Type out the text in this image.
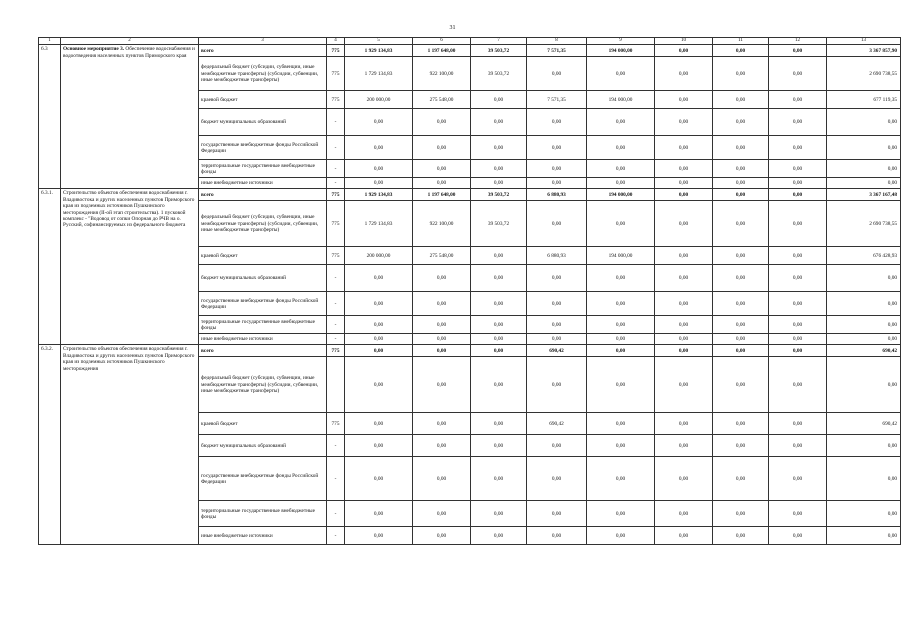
31
1	2	3	4	5	6	7	8	9	10	11	12	13
6.3	Основное мероприятие 3. Обеспечение водоснабжения и водоотведения населенных пунктов Приморского края	всего	775	1 929 134,83	1 197 648,00	39 503,72	7 571,35	194 000,00	0,00	0,00	0,00	3 367 857,90
		федеральный бюджет (субсидии, субвенции, иные межбюджетные трансферты) (субсидии, субвенции, иные межбюджетные трансферты)	775	1 729 134,83	922 100,00	39 503,72	0,00	0,00	0,00	0,00	0,00	2 690 738,55
		краевой бюджет	775	200 000,00	275 548,00	0,00	7 571,35	194 000,00	0,00	0,00	0,00	677 119,35
		бюджет муниципальных образований	-	0,00	0,00	0,00	0,00	0,00	0,00	0,00	0,00	0,00
		государственные внебюджетные фонды Российской Федерации	-	0,00	0,00	0,00	0,00	0,00	0,00	0,00	0,00	0,00
		территориальные государственные внебюджетные фонды	-	0,00	0,00	0,00	0,00	0,00	0,00	0,00	0,00	0,00
		иные внебюджетные источники	-	0,00	0,00	0,00	0,00	0,00	0,00	0,00	0,00	0,00
6.3.1.	Строительство объектов обеспечения водоснабжения г. Владивостока и других населенных пунктов Приморского края из подземных источников Пушкинского месторождения (II-ой этап строительства). 1 пусковой комплекс - "Водовод от сопки Опорная до РЧВ на о. Русский, софинансируемых из федерального бюджета	всего	775	1 929 134,83	1 197 648,00	39 503,72	6 880,93	194 000,00	0,00	0,00	0,00	3 367 167,48
		федеральный бюджет (субсидии, субвенции, иные межбюджетные трансферты) (субсидии, субвенции, иные межбюджетные трансферты)	775	1 729 134,83	922 100,00	39 503,72	0,00	0,00	0,00	0,00	0,00	2 690 738,55
		краевой бюджет	775	200 000,00	275 548,00	0,00	6 880,93	194 000,00	0,00	0,00	0,00	676 428,93
		бюджет муниципальных образований	-	0,00	0,00	0,00	0,00	0,00	0,00	0,00	0,00	0,00
		государственные внебюджетные фонды Российской Федерации	-	0,00	0,00	0,00	0,00	0,00	0,00	0,00	0,00	0,00
		территориальные государственные внебюджетные фонды	-	0,00	0,00	0,00	0,00	0,00	0,00	0,00	0,00	0,00
		иные внебюджетные источники	-	0,00	0,00	0,00	0,00	0,00	0,00	0,00	0,00	0,00
6.3.2.	Строительство объектов обеспечения водоснабжения г. Владивостока и других населенных пунктов Приморского края из подземных источников Пушкинского месторождения	всего	775	0,00	0,00	0,00	690,42	0,00	0,00	0,00	0,00	690,42
		федеральный бюджет (субсидии, субвенции, иные межбюджетные трансферты) (субсидии, субвенции, иные межбюджетные трансферты)		0,00	0,00	0,00	0,00	0,00	0,00	0,00	0,00	0,00
		краевой бюджет	775	0,00	0,00	0,00	690,42	0,00	0,00	0,00	0,00	690,42
		бюджет муниципальных образований	-	0,00	0,00	0,00	0,00	0,00	0,00	0,00	0,00	0,00
		государственные внебюджетные фонды Российской Федерации	-	0,00	0,00	0,00	0,00	0,00	0,00	0,00	0,00	0,00
		территориальные государственные внебюджетные фонды	-	0,00	0,00	0,00	0,00	0,00	0,00	0,00	0,00	0,00
		иные внебюджетные источники	-	0,00	0,00	0,00	0,00	0,00	0,00	0,00	0,00	0,00
